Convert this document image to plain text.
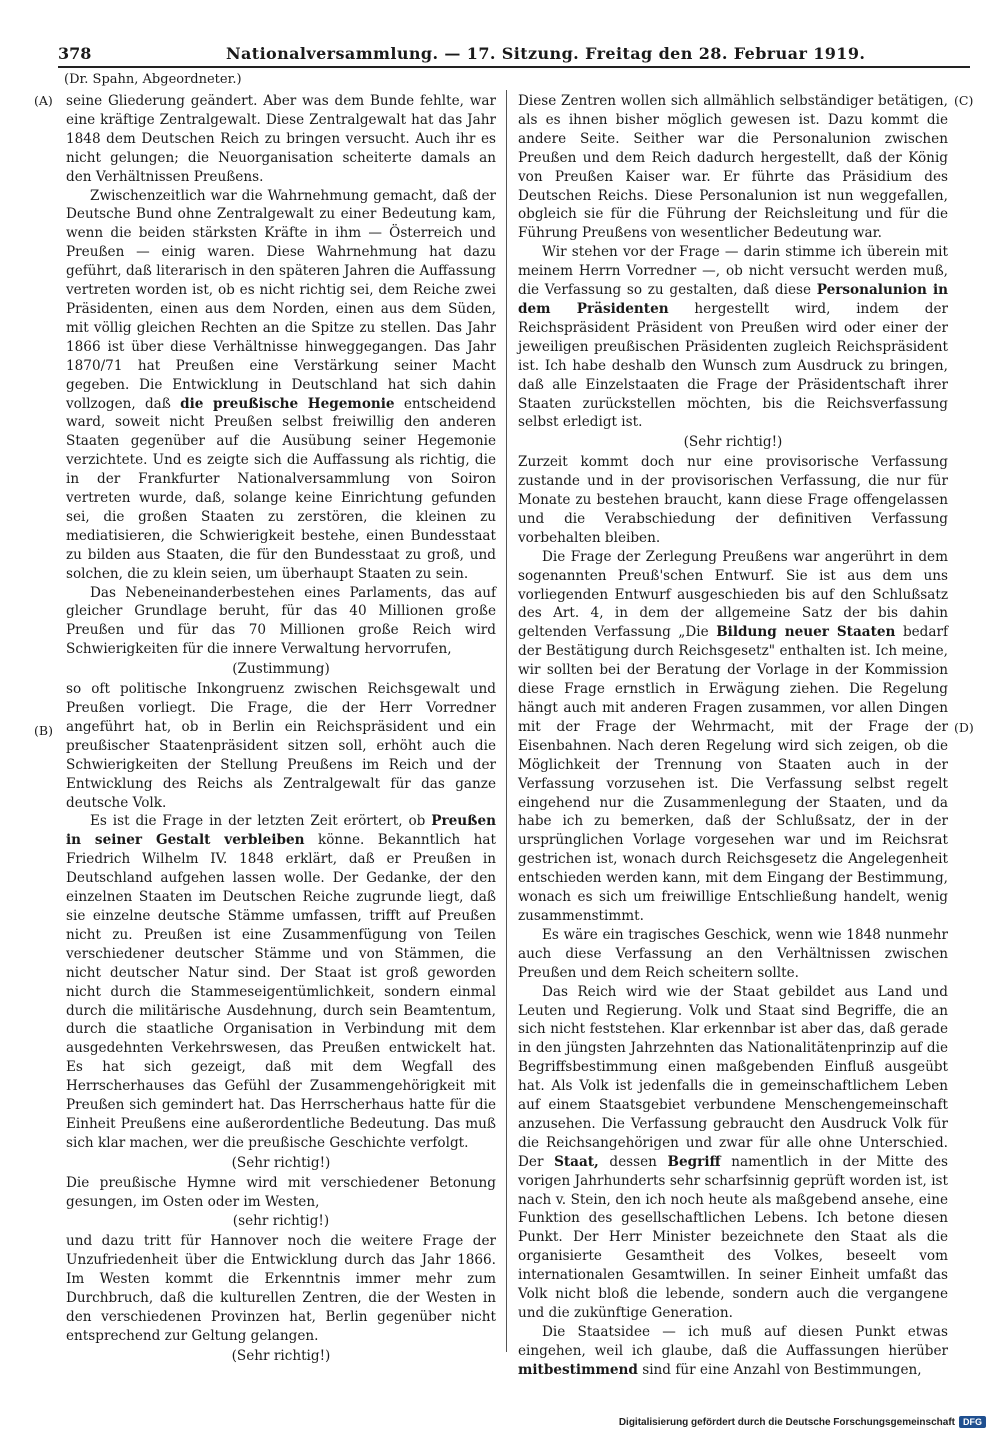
378	Nationalversammlung. — 17. Sitzung. Freitag den 28. Februar 1919.
(Dr. Spahn, Abgeordneter.)
(A)
(B)
(C)
(D)

seine Gliederung geändert. Aber was dem Bunde fehlte, war eine kräftige Zentralgewalt. Diese Zentralgewalt hat das Jahr 1848 dem Deutschen Reich zu bringen versucht. Auch ihr es nicht gelungen; die Neuorganisation scheiterte damals an den Verhältnissen Preußens.

Zwischenzeitlich war die Wahrnehmung gemacht, daß der Deutsche Bund ohne Zentralgewalt zu einer Bedeutung kam, wenn die beiden stärksten Kräfte in ihm — Österreich und Preußen — einig waren. Diese Wahrnehmung hat dazu geführt, daß literarisch in den späteren Jahren die Auffassung vertreten worden ist, ob es nicht richtig sei, dem Reiche zwei Präsidenten, einen aus dem Norden, einen aus dem Süden, mit völlig gleichen Rechten an die Spitze zu stellen. Das Jahr 1866 ist über diese Verhältnisse hinweggegangen. Das Jahr 1870/71 hat Preußen eine Verstärkung seiner Macht gegeben. Die Entwicklung in Deutschland hat sich dahin vollzogen, daß die preußische Hegemonie entscheidend ward, soweit nicht Preußen selbst freiwillig den anderen Staaten gegenüber auf die Ausübung seiner Hegemonie verzichtete. Und es zeigte sich die Auffassung als richtig, die in der Frankfurter Nationalversammlung von Soiron vertreten wurde, daß, solange keine Einrichtung gefunden sei, die großen Staaten zu zerstören, die kleinen zu mediatisieren, die Schwierigkeit bestehe, einen Bundesstaat zu bilden aus Staaten, die für den Bundesstaat zu groß, und solchen, die zu klein seien, um überhaupt Staaten zu sein.

Das Nebeneinanderbestehen eines Parlaments, das auf gleicher Grundlage beruht, für das 40 Millionen große Preußen und für das 70 Millionen große Reich wird Schwierigkeiten für die innere Verwaltung hervorrufen,

(Zustimmung)

so oft politische Inkongruenz zwischen Reichsgewalt und Preußen vorliegt. Die Frage, die der Herr Vorredner angeführt hat, ob in Berlin ein Reichspräsident und ein preußischer Staatenpräsident sitzen soll, erhöht auch die Schwierigkeiten der Stellung Preußens im Reich und der Entwicklung des Reichs als Zentralgewalt für das ganze deutsche Volk.

Es ist die Frage in der letzten Zeit erörtert, ob Preußen in seiner Gestalt verbleiben könne. Bekanntlich hat Friedrich Wilhelm IV. 1848 erklärt, daß er Preußen in Deutschland aufgehen lassen wolle. Der Gedanke, der den einzelnen Staaten im Deutschen Reiche zugrunde liegt, daß sie einzelne deutsche Stämme umfassen, trifft auf Preußen nicht zu. Preußen ist eine Zusammenfügung von Teilen verschiedener deutscher Stämme und von Stämmen, die nicht deutscher Natur sind. Der Staat ist groß geworden nicht durch die Stammeseigentümlichkeit, sondern einmal durch die militärische Ausdehnung, durch sein Beamtentum, durch die staatliche Organisation in Verbindung mit dem ausgedehnten Verkehrswesen, das Preußen entwickelt hat. Es hat sich gezeigt, daß mit dem Wegfall des Herrscherhauses das Gefühl der Zusammengehörigkeit mit Preußen sich gemindert hat. Das Herrscherhaus hatte für die Einheit Preußens eine außerordentliche Bedeutung. Das muß sich klar machen, wer die preußische Geschichte verfolgt.

(Sehr richtig!)

Die preußische Hymne wird mit verschiedener Betonung gesungen, im Osten oder im Westen,

(sehr richtig!)

und dazu tritt für Hannover noch die weitere Frage der Unzufriedenheit über die Entwicklung durch das Jahr 1866. Im Westen kommt die Erkenntnis immer mehr zum Durchbruch, daß die kulturellen Zentren, die der Westen in den verschiedenen Provinzen hat, Berlin gegenüber nicht entsprechend zur Geltung gelangen.

(Sehr richtig!)

Diese Zentren wollen sich allmählich selbständiger betätigen, als es ihnen bisher möglich gewesen ist. Dazu kommt die andere Seite. Seither war die Personalunion zwischen Preußen und dem Reich dadurch hergestellt, daß der König von Preußen Kaiser war. Er führte das Präsidium des Deutschen Reichs. Diese Personalunion ist nun weggefallen, obgleich sie für die Führung der Reichsleitung und für die Führung Preußens von wesentlicher Bedeutung war.

Wir stehen vor der Frage — darin stimme ich überein mit meinem Herrn Vorredner —, ob nicht versucht werden muß, die Verfassung so zu gestalten, daß diese Personalunion in dem Präsidenten hergestellt wird, indem der Reichspräsident Präsident von Preußen wird oder einer der jeweiligen preußischen Präsidenten zugleich Reichspräsident ist. Ich habe deshalb den Wunsch zum Ausdruck zu bringen, daß alle Einzelstaaten die Frage der Präsidentschaft ihrer Staaten zurückstellen möchten, bis die Reichsverfassung selbst erledigt ist.

(Sehr richtig!)

Zurzeit kommt doch nur eine provisorische Verfassung zustande und in der provisorischen Verfassung, die nur für Monate zu bestehen braucht, kann diese Frage offengelassen und die Verabschiedung der definitiven Verfassung vorbehalten bleiben.

Die Frage der Zerlegung Preußens war angerührt in dem sogenannten Preuß'schen Entwurf. Sie ist aus dem uns vorliegenden Entwurf ausgeschieden bis auf den Schlußsatz des Art. 4, in dem der allgemeine Satz der bis dahin geltenden Verfassung „Die Bildung neuer Staaten bedarf der Bestätigung durch Reichsgesetz" enthalten ist. Ich meine, wir sollten bei der Beratung der Vorlage in der Kommission diese Frage ernstlich in Erwägung ziehen. Die Regelung hängt auch mit anderen Fragen zusammen, vor allen Dingen mit der Frage der Wehrmacht, mit der Frage der Eisenbahnen. Nach deren Regelung wird sich zeigen, ob die Möglichkeit der Trennung von Staaten auch in der Verfassung vorzusehen ist. Die Verfassung selbst regelt eingehend nur die Zusammenlegung der Staaten, und da habe ich zu bemerken, daß der Schlußsatz, der in der ursprünglichen Vorlage vorgesehen war und im Reichsrat gestrichen ist, wonach durch Reichsgesetz die Angelegenheit entschieden werden kann, mit dem Eingang der Bestimmung, wonach es sich um freiwillige Entschließung handelt, wenig zusammenstimmt.

Es wäre ein tragisches Geschick, wenn wie 1848 nunmehr auch diese Verfassung an den Verhältnissen zwischen Preußen und dem Reich scheitern sollte.

Das Reich wird wie der Staat gebildet aus Land und Leuten und Regierung. Volk und Staat sind Begriffe, die an sich nicht feststehen. Klar erkennbar ist aber das, daß gerade in den jüngsten Jahrzehnten das Nationalitätenprinzip auf die Begriffsbestimmung einen maßgebenden Einfluß ausgeübt hat. Als Volk ist jedenfalls die in gemeinschaftlichem Leben auf einem Staatsgebiet verbundene Menschengemeinschaft anzusehen. Die Verfassung gebraucht den Ausdruck Volk für die Reichsangehörigen und zwar für alle ohne Unterschied. Der Staat, dessen Begriff namentlich in der Mitte des vorigen Jahrhunderts sehr scharfsinnig geprüft worden ist, ist nach v. Stein, den ich noch heute als maßgebend ansehe, eine Funktion des gesellschaftlichen Lebens. Ich betone diesen Punkt. Der Herr Minister bezeichnete den Staat als die organisierte Gesamtheit des Volkes, beseelt vom internationalen Gesamtwillen. In seiner Einheit umfaßt das Volk nicht bloß die lebende, sondern auch die vergangene und die zukünftige Generation.

Die Staatsidee — ich muß auf diesen Punkt etwas eingehen, weil ich glaube, daß die Auffassungen hierüber mitbestimmend sind für eine Anzahl von Bestimmungen,

Digitalisierung gefördert durch die Deutsche Forschungsgemeinschaft DFG
